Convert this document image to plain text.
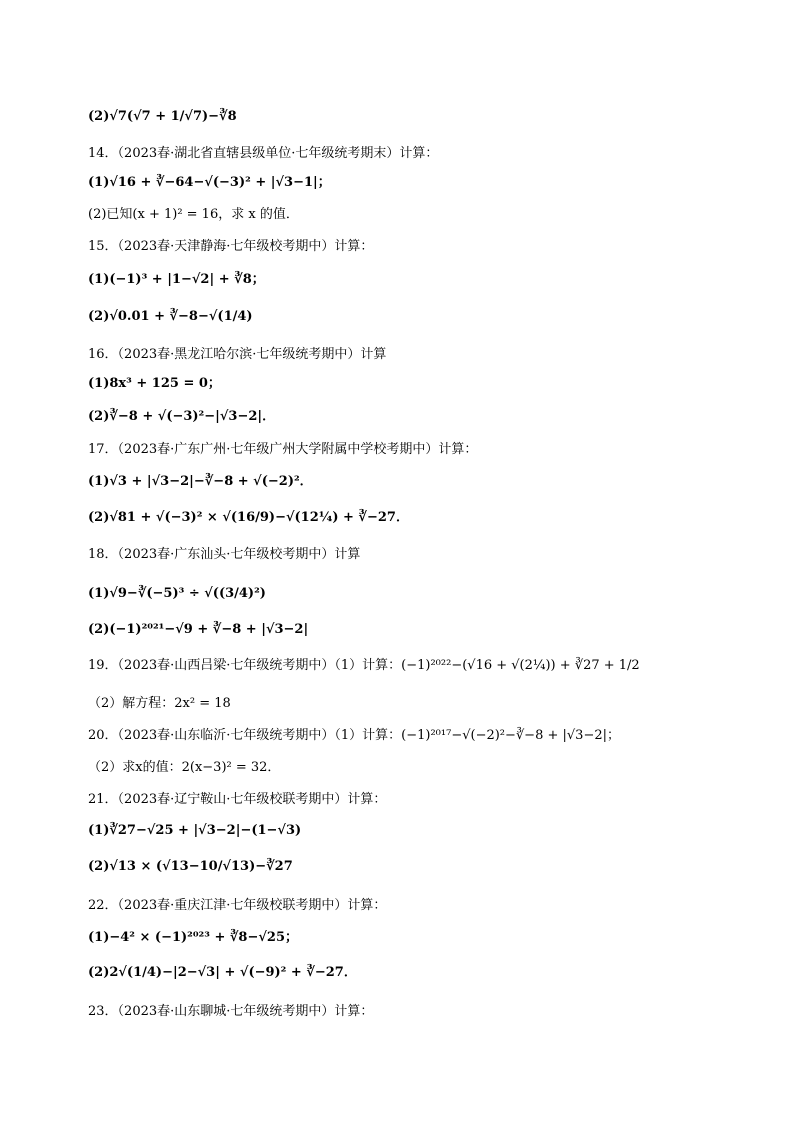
(2)√7(√7 + 1/√7)−∛8
14．（2023春·湖北省直辖县级单位·七年级统考期末）计算：
(1)√16 + ∛−64−√(−3)² + |√3−1|；
(2)已知(x + 1)² = 16，求 x 的值．
15．（2023春·天津静海·七年级校考期中）计算：
(1)(−1)³ + |1−√2| + ∛8；
(2)√0.01 + ∛−8−√(1/4)
16．（2023春·黑龙江哈尔滨·七年级统考期中）计算
(1)8x³ + 125 = 0；
(2)∛−8 + √(−3)²−|√3−2|．
17．（2023春·广东广州·七年级广州大学附属中学校考期中）计算：
(1)√3 + |√3−2|−∛−8 + √(−2)²．
(2)√81 + √(−3)² × √(16/9)−√(12¼) + ∛−27．
18．（2023春·广东汕头·七年级校考期中）计算
(1)√9−∛(−5)³ ÷ √((3/4)²)
(2)(−1)²⁰²¹−√9 + ∛−8 + |√3−2|
19．（2023春·山西吕梁·七年级统考期中）（1）计算：(−1)²⁰²²−(√16 + √(2¼)) + ∛27 + 1/2
（2）解方程：2x² = 18
20．（2023春·山东临沂·七年级统考期中）（1）计算：(−1)²⁰¹⁷−√(−2)²−∛−8 + |√3−2|；
（2）求x的值：2(x−3)² = 32．
21．（2023春·辽宁鞍山·七年级校联考期中）计算：
(1)∛27−√25 + |√3−2|−(1−√3)
(2)√13 × (√13−10/√13)−∛27
22．（2023春·重庆江津·七年级校联考期中）计算：
(1)−4² × (−1)²⁰²³ + ∛8−√25；
(2)2√(1/4)−|2−√3| + √(−9)² + ∛−27．
23．（2023春·山东聊城·七年级统考期中）计算：
